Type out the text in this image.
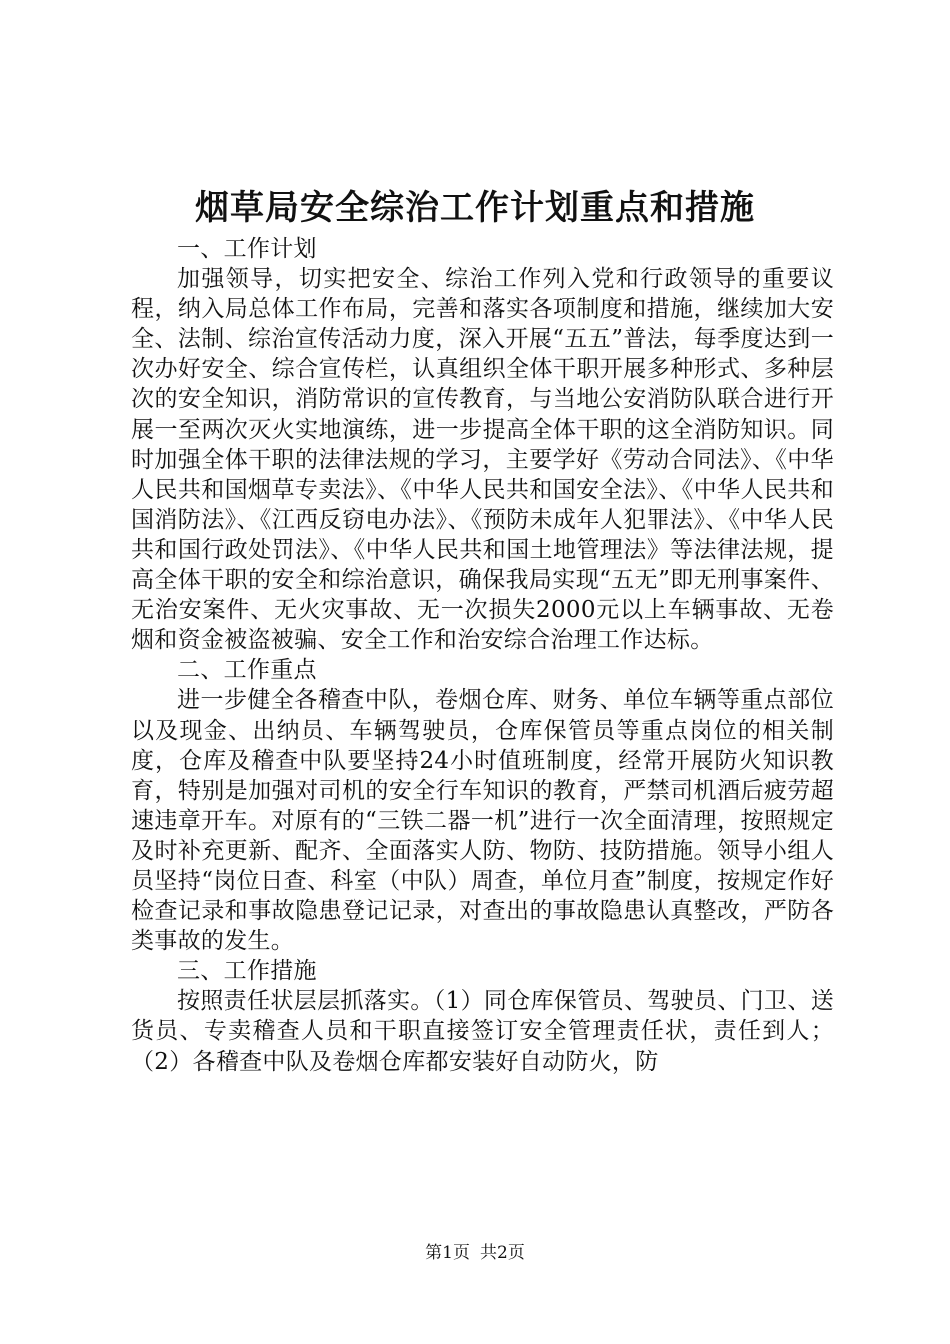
烟草局安全综治工作计划重点和措施

一、工作计划

加强领导，切实把安全、综治工作列入党和行政领导的重要议程，纳入局总体工作布局，完善和落实各项制度和措施，继续加大安全、法制、综治宣传活动力度，深入开展“五五”普法，每季度达到一次办好安全、综合宣传栏，认真组织全体干职开展多种形式、多种层次的安全知识，消防常识的宣传教育，与当地公安消防队联合进行开展一至两次灭火实地演练，进一步提高全体干职的这全消防知识。同时加强全体干职的法律法规的学习，主要学好《劳动合同法》、《中华人民共和国烟草专卖法》、《中华人民共和国安全法》、《中华人民共和国消防法》、《江西反窃电办法》、《预防未成年人犯罪法》、《中华人民共和国行政处罚法》、《中华人民共和国土地管理法》等法律法规，提高全体干职的安全和综治意识，确保我局实现“五无”即无刑事案件、无治安案件、无火灾事故、无一次损失2000元以上车辆事故、无卷烟和资金被盗被骗、安全工作和治安综合治理工作达标。

二、工作重点

进一步健全各稽查中队，卷烟仓库、财务、单位车辆等重点部位以及现金、出纳员、车辆驾驶员，仓库保管员等重点岗位的相关制度，仓库及稽查中队要坚持24小时值班制度，经常开展防火知识教育，特别是加强对司机的安全行车知识的教育，严禁司机酒后疲劳超速违章开车。对原有的“三铁二器一机”进行一次全面清理，按照规定及时补充更新、配齐、全面落实人防、物防、技防措施。领导小组人员坚持“岗位日查、科室（中队）周查，单位月查”制度，按规定作好检查记录和事故隐患登记记录，对查出的事故隐患认真整改，严防各类事故的发生。

三、工作措施

按照责任状层层抓落实。（1）同仓库保管员、驾驶员、门卫、送货员、专卖稽查人员和干职直接签订安全管理责任状，责任到人；（2）各稽查中队及卷烟仓库都安装好自动防火，防

第1页 共2页
